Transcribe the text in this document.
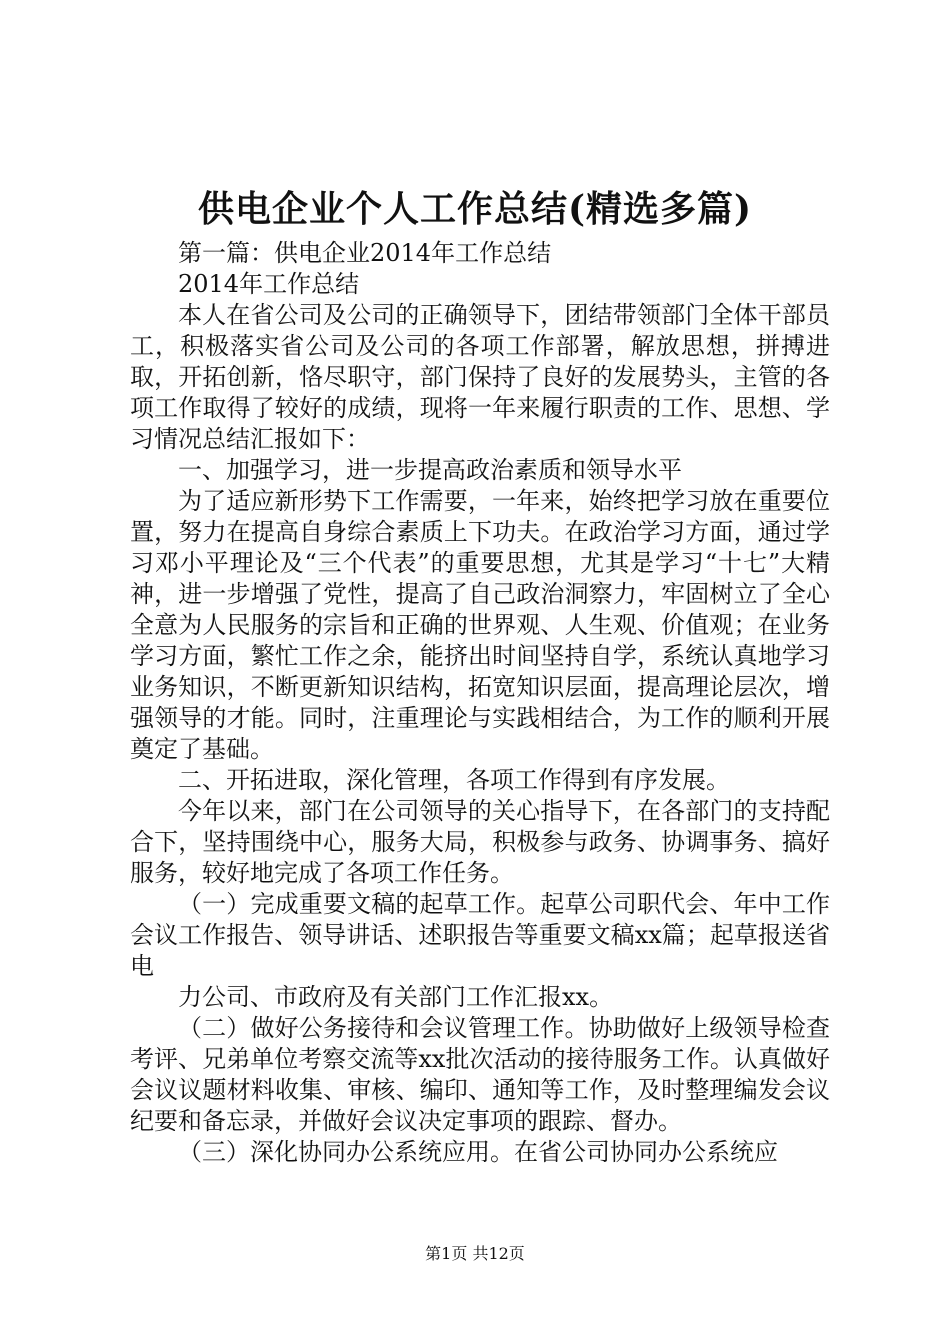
供电企业个人工作总结(精选多篇)

第一篇：供电企业2014年工作总结

2014年工作总结

本人在省公司及公司的正确领导下，团结带领部门全体干部员工，积极落实省公司及公司的各项工作部署，解放思想，拼搏进取，开拓创新，恪尽职守，部门保持了良好的发展势头，主管的各项工作取得了较好的成绩，现将一年来履行职责的工作、思想、学习情况总结汇报如下：

一、加强学习，进一步提高政治素质和领导水平

为了适应新形势下工作需要，一年来，始终把学习放在重要位置，努力在提高自身综合素质上下功夫。在政治学习方面，通过学习邓小平理论及“三个代表”的重要思想，尤其是学习“十七”大精神，进一步增强了党性，提高了自己政治洞察力，牢固树立了全心全意为人民服务的宗旨和正确的世界观、人生观、价值观；在业务学习方面，繁忙工作之余，能挤出时间坚持自学，系统认真地学习业务知识，不断更新知识结构，拓宽知识层面，提高理论层次，增强领导的才能。同时，注重理论与实践相结合，为工作的顺利开展奠定了基础。

二、开拓进取，深化管理，各项工作得到有序发展。

今年以来，部门在公司领导的关心指导下，在各部门的支持配合下，坚持围绕中心，服务大局，积极参与政务、协调事务、搞好服务，较好地完成了各项工作任务。

（一）完成重要文稿的起草工作。起草公司职代会、年中工作会议工作报告、领导讲话、述职报告等重要文稿xx篇；起草报送省电

力公司、市政府及有关部门工作汇报xx。

（二）做好公务接待和会议管理工作。协助做好上级领导检查考评、兄弟单位考察交流等xx批次活动的接待服务工作。认真做好会议议题材料收集、审核、编印、通知等工作，及时整理编发会议纪要和备忘录，并做好会议决定事项的跟踪、督办。

（三）深化协同办公系统应用。在省公司协同办公系统应

第1页 共12页
